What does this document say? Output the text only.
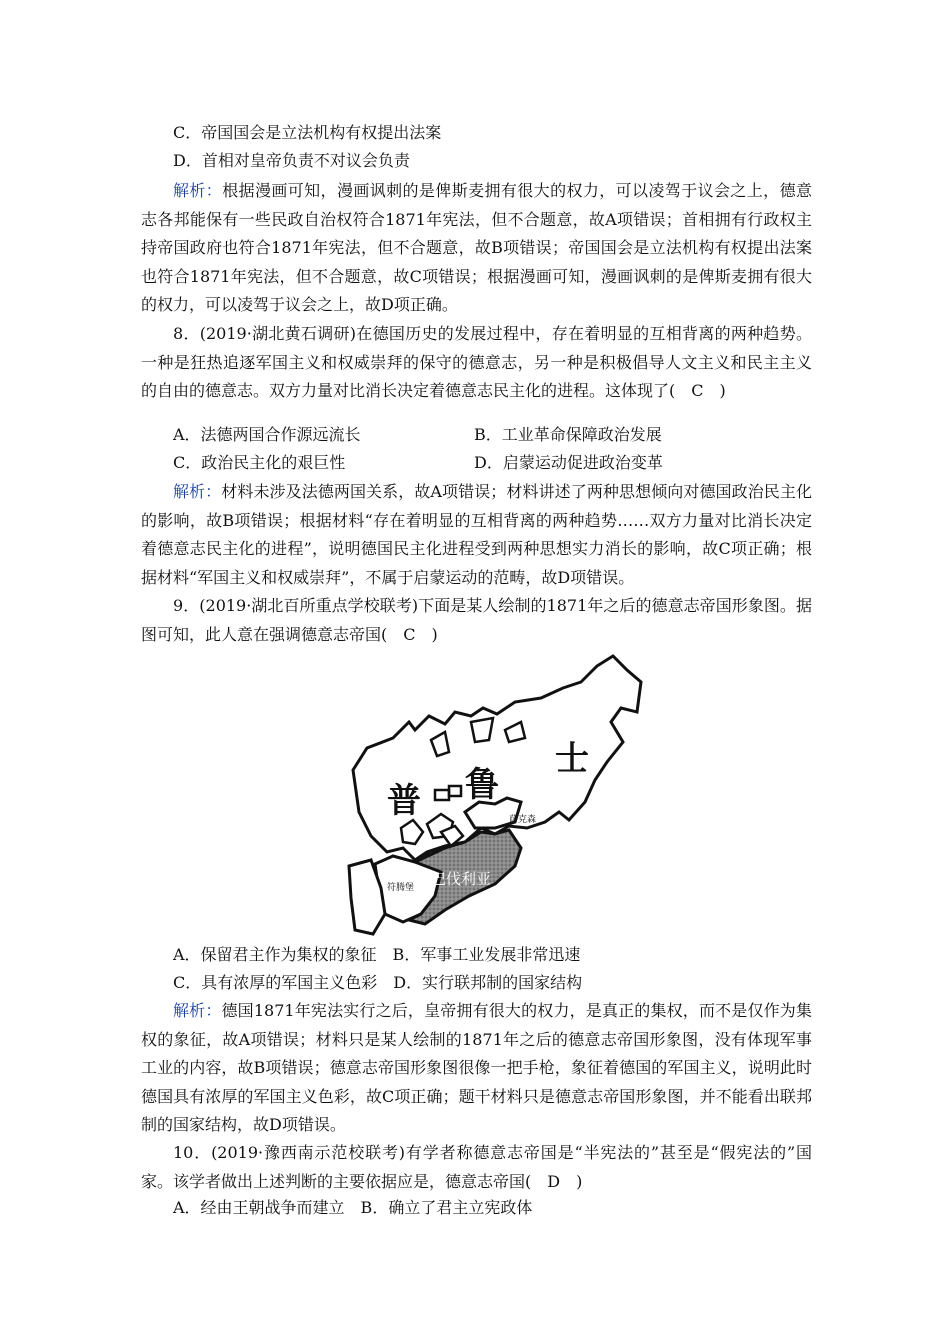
C．帝国国会是立法机构有权提出法案
D．首相对皇帝负责不对议会负责
解析：根据漫画可知，漫画讽刺的是俾斯麦拥有很大的权力，可以凌驾于议会之上，德意志各邦能保有一些民政自治权符合1871年宪法，但不合题意，故A项错误；首相拥有行政权主持帝国政府也符合1871年宪法，但不合题意，故B项错误；帝国国会是立法机构有权提出法案也符合1871年宪法，但不合题意，故C项错误；根据漫画可知，漫画讽刺的是俾斯麦拥有很大的权力，可以凌驾于议会之上，故D项正确。
8．(2019·湖北黄石调研)在德国历史的发展过程中，存在着明显的互相背离的两种趋势。一种是狂热追逐军国主义和权威崇拜的保守的德意志，另一种是积极倡导人文主义和民主主义的自由的德意志。双方力量对比消长决定着德意志民主化的进程。这体现了(　C　)
A．法德两国合作源远流长	B．工业革命保障政治发展
C．政治民主化的艰巨性	D．启蒙运动促进政治变革
解析：材料未涉及法德两国关系，故A项错误；材料讲述了两种思想倾向对德国政治民主化的影响，故B项错误；根据材料“存在着明显的互相背离的两种趋势……双方力量对比消长决定着德意志民主化的进程”，说明德国民主化进程受到两种思想实力消长的影响，故C项正确；根据材料“军国主义和权威崇拜”，不属于启蒙运动的范畴，故D项错误。
9．(2019·湖北百所重点学校联考)下面是某人绘制的1871年之后的德意志帝国形象图。据图可知，此人意在强调德意志帝国(　C　)
普 鲁
士
萨克森
符腾堡 巴伐利亚
A．保留君主作为集权的象征　B．军事工业发展非常迅速
C．具有浓厚的军国主义色彩　D．实行联邦制的国家结构
解析：德国1871年宪法实行之后，皇帝拥有很大的权力，是真正的集权，而不是仅作为集权的象征，故A项错误；材料只是某人绘制的1871年之后的德意志帝国形象图，没有体现军事工业的内容，故B项错误；德意志帝国形象图很像一把手枪，象征着德国的军国主义，说明此时德国具有浓厚的军国主义色彩，故C项正确；题干材料只是德意志帝国形象图，并不能看出联邦制的国家结构，故D项错误。
10．(2019·豫西南示范校联考)有学者称德意志帝国是“半宪法的”甚至是“假宪法的”国家。该学者做出上述判断的主要依据应是，德意志帝国(　D　)
A．经由王朝战争而建立　B．确立了君主立宪政体
